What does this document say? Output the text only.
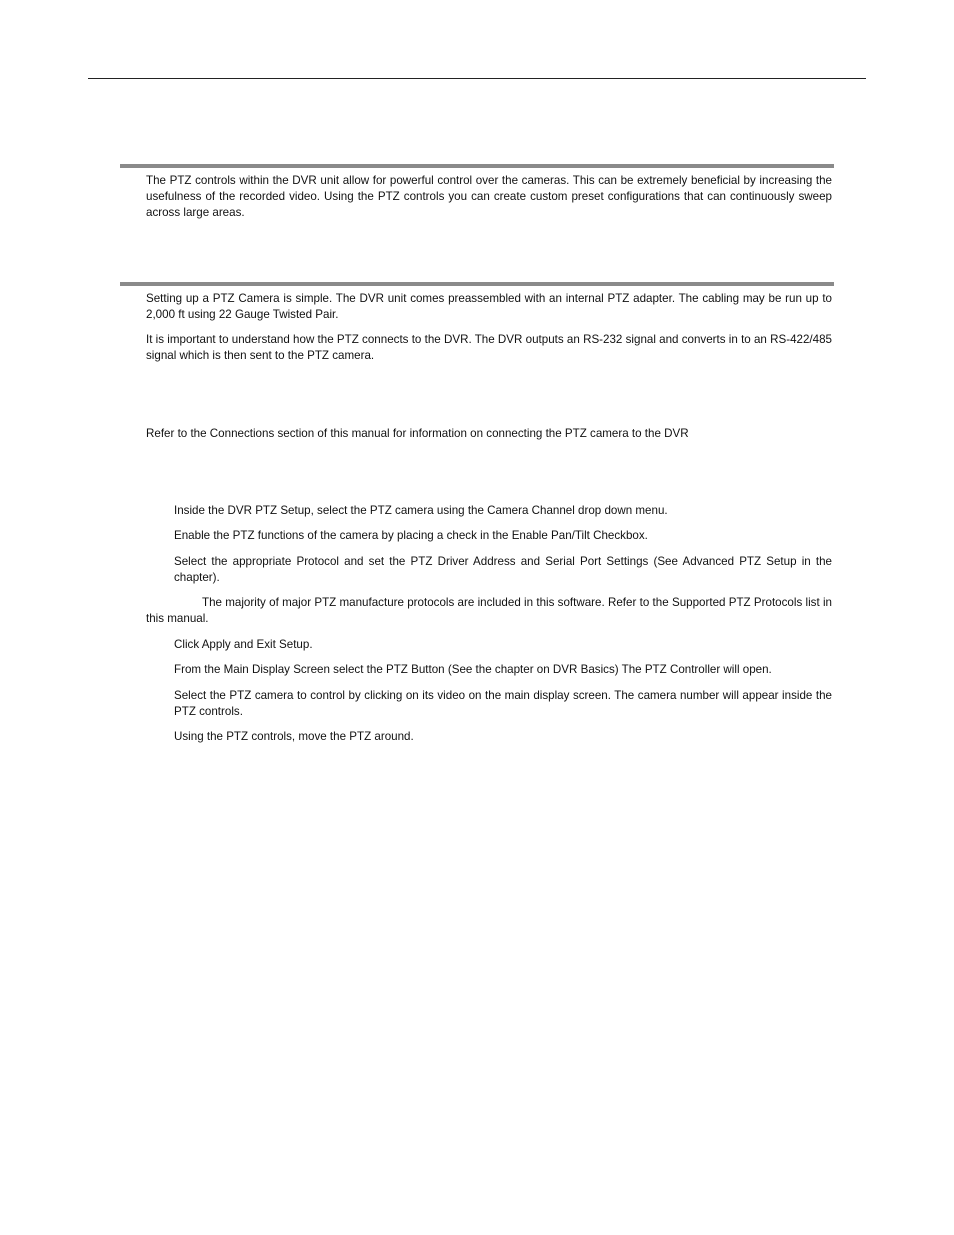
The PTZ controls within the DVR unit allow for powerful control over the cameras. This can be extremely beneficial by increasing the usefulness of the recorded video. Using the PTZ controls you can create custom preset configurations that can continuously sweep across large areas.

Setting up a PTZ Camera is simple. The DVR unit comes preassembled with an internal PTZ adapter. The cabling may be run up to 2,000 ft using 22 Gauge Twisted Pair.

It is important to understand how the PTZ connects to the DVR. The DVR outputs an RS-232 signal and converts in to an RS-422/485 signal which is then sent to the PTZ camera.

Refer to the Connections section of this manual for information on connecting the PTZ camera to the DVR

Inside the DVR PTZ Setup, select the PTZ camera using the Camera Channel drop down menu.

Enable the PTZ functions of the camera by placing a check in the Enable Pan/Tilt Checkbox.

Select the appropriate Protocol and set the PTZ Driver Address and Serial Port Settings (See Advanced PTZ Setup in the chapter).

The majority of major PTZ manufacture protocols are included in this software. Refer to the Supported PTZ Protocols list in this manual.

Click Apply and Exit Setup.

From the Main Display Screen select the PTZ Button (See the chapter on DVR Basics) The PTZ Controller will open.

Select the PTZ camera to control by clicking on its video on the main display screen. The camera number will appear inside the PTZ controls.

Using the PTZ controls, move the PTZ around.
